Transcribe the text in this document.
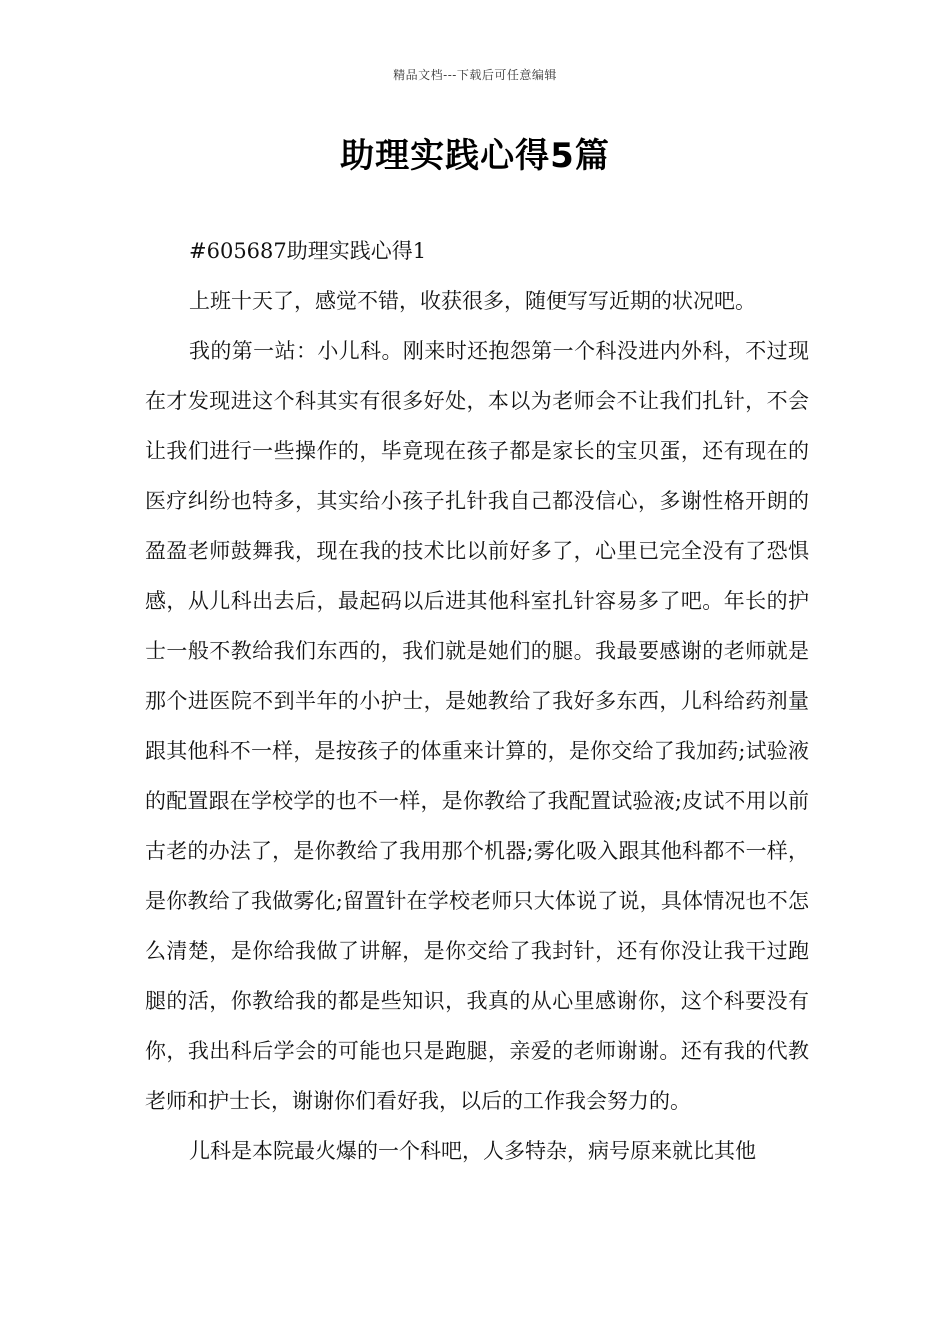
精品文档---下载后可任意编辑
助理实践心得5篇

#605687助理实践心得1

上班十天了，感觉不错，收获很多，随便写写近期的状况吧。

我的第一站：小儿科。刚来时还抱怨第一个科没进内外科，不过现在才发现进这个科其实有很多好处，本以为老师会不让我们扎针，不会让我们进行一些操作的，毕竟现在孩子都是家长的宝贝蛋，还有现在的医疗纠纷也特多，其实给小孩子扎针我自己都没信心，多谢性格开朗的盈盈老师鼓舞我，现在我的技术比以前好多了，心里已完全没有了恐惧感，从儿科出去后，最起码以后进其他科室扎针容易多了吧。年长的护士一般不教给我们东西的，我们就是她们的腿。我最要感谢的老师就是那个进医院不到半年的小护士，是她教给了我好多东西，儿科给药剂量跟其他科不一样，是按孩子的体重来计算的，是你交给了我加药;试验液的配置跟在学校学的也不一样，是你教给了我配置试验液;皮试不用以前古老的办法了，是你教给了我用那个机器;雾化吸入跟其他科都不一样，是你教给了我做雾化;留置针在学校老师只大体说了说，具体情况也不怎么清楚，是你给我做了讲解，是你交给了我封针，还有你没让我干过跑腿的活，你教给我的都是些知识，我真的从心里感谢你，这个科要没有你，我出科后学会的可能也只是跑腿，亲爱的老师谢谢。还有我的代教老师和护士长，谢谢你们看好我，以后的工作我会努力的。

儿科是本院最火爆的一个科吧，人多特杂，病号原来就比其他
